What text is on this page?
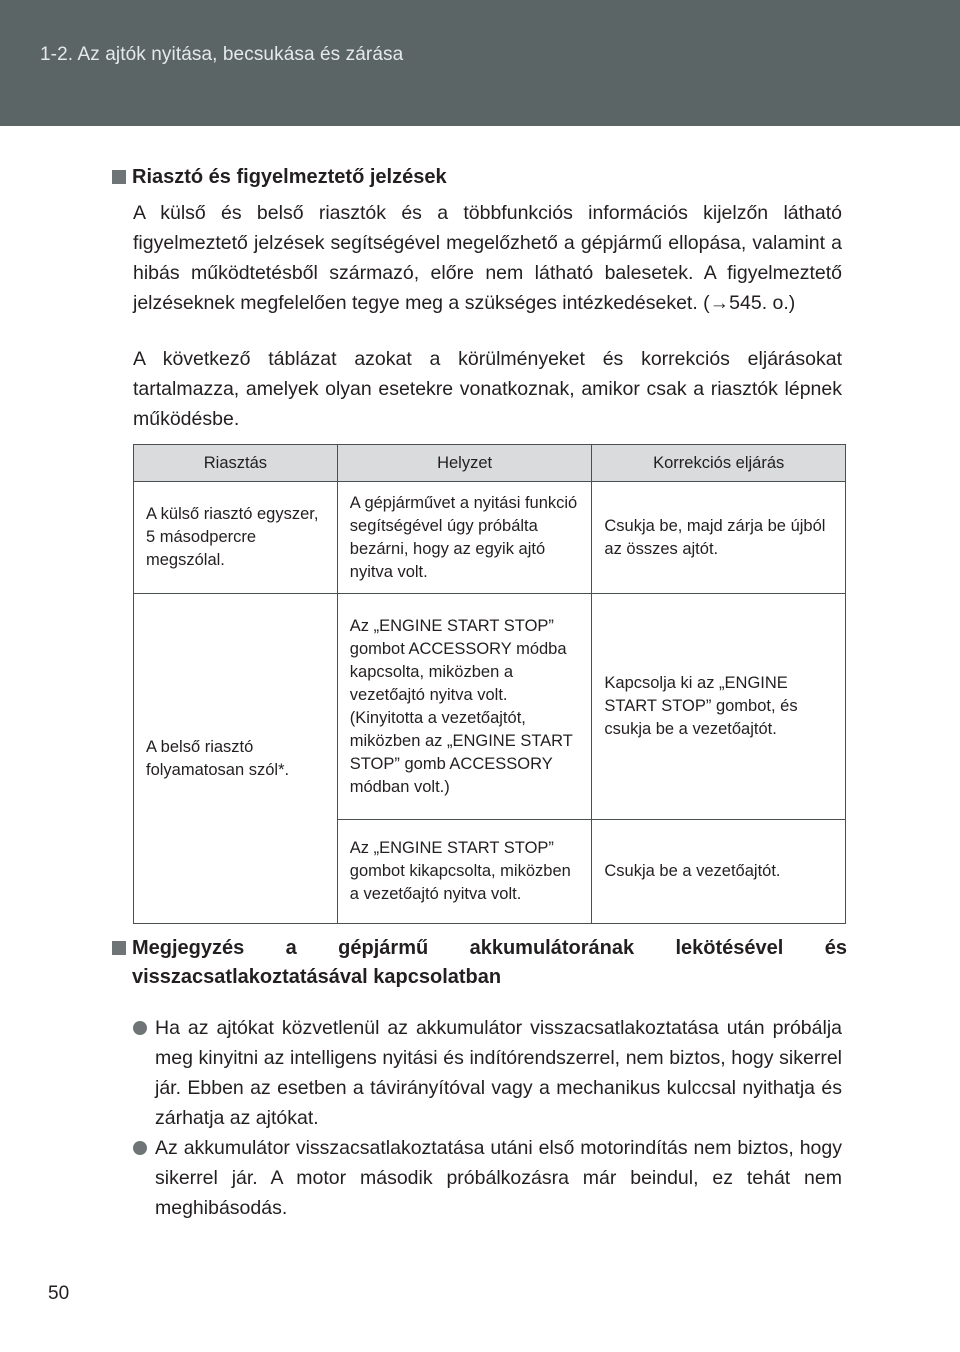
1-2. Az ajtók nyitása, becsukása és zárása
Riasztó és figyelmeztető jelzések
A külső és belső riasztók és a többfunkciós információs kijelzőn látható figyelmeztető jelzések segítségével megelőzhető a gépjármű ellopása, valamint a hibás működtetésből származó, előre nem látható balesetek. A figyelmeztető jelzéseknek megfelelően tegye meg a szükséges intézkedéseket. (→545. o.)
A következő táblázat azokat a körülményeket és korrekciós eljárásokat tartalmazza, amelyek olyan esetekre vonatkoznak, amikor csak a riasztók lépnek működésbe.
Riasztás	Helyzet	Korrekciós eljárás
A külső riasztó egyszer, 5 másodpercre megszólal.	A gépjárművet a nyitási funkció segítségével úgy próbálta bezárni, hogy az egyik ajtó nyitva volt.	Csukja be, majd zárja be újból az összes ajtót.
A belső riasztó folyamatosan szól*.	Az „ENGINE START STOP” gombot ACCESSORY módba kapcsolta, miközben a vezetőajtó nyitva volt. (Kinyitotta a vezetőajtót, miközben az „ENGINE START STOP” gomb ACCESSORY módban volt.)	Kapcsolja ki az „ENGINE START STOP” gombot, és csukja be a vezetőajtót.
	Az „ENGINE START STOP” gombot kikapcsolta, miközben a vezetőajtó nyitva volt.	Csukja be a vezetőajtót.
Megjegyzés a gépjármű akkumulátorának lekötésével és visszacsatlakoztatásával kapcsolatban
Ha az ajtókat közvetlenül az akkumulátor visszacsatlakoztatása után próbálja meg kinyitni az intelligens nyitási és indítórendszerrel, nem biztos, hogy sikerrel jár. Ebben az esetben a távirányítóval vagy a mechanikus kulccsal nyithatja és zárhatja az ajtókat.
Az akkumulátor visszacsatlakoztatása utáni első motorindítás nem biztos, hogy sikerrel jár. A motor második próbálkozásra már beindul, ez tehát nem meghibásodás.
50
